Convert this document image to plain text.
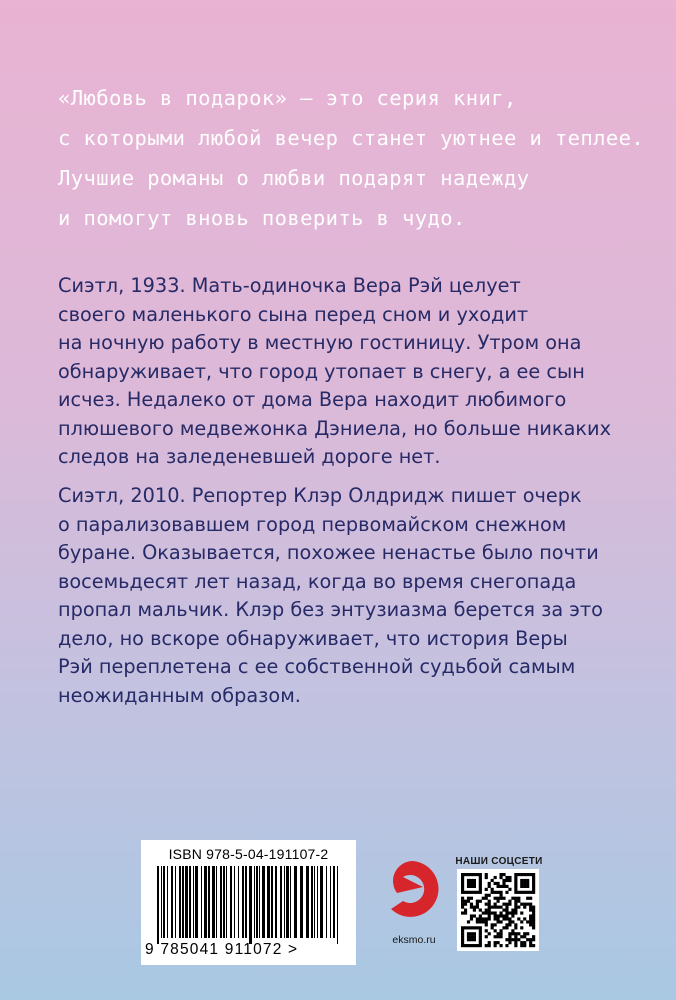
«Любовь в подарок» – это серия книг,
с которыми любой вечер станет уютнее и теплее.
Лучшие романы о любви подарят надежду
и помогут вновь поверить в чудо.
Сиэтл, 1933. Мать-одиночка Вера Рэй целует
своего маленького сына перед сном и уходит
на ночную работу в местную гостиницу. Утром она
обнаруживает, что город утопает в снегу, а ее сын
исчез. Недалеко от дома Вера находит любимого
плюшевого медвежонка Дэниела, но больше никаких
следов на заледеневшей дороге нет.
Сиэтл, 2010. Репортер Клэр Олдридж пишет очерк
о парализовавшем город первомайском снежном
буране. Оказывается, похожее ненастье было почти
восемьдесят лет назад, когда во время снегопада
пропал мальчик. Клэр без энтузиазма берется за это
дело, но вскоре обнаруживает, что история Веры
Рэй переплетена с ее собственной судьбой самым
неожиданным образом.
ISBN 978-5-04-191107-2
9 785041 911072 >
eksmo.ru
НАШИ СОЦСЕТИ
